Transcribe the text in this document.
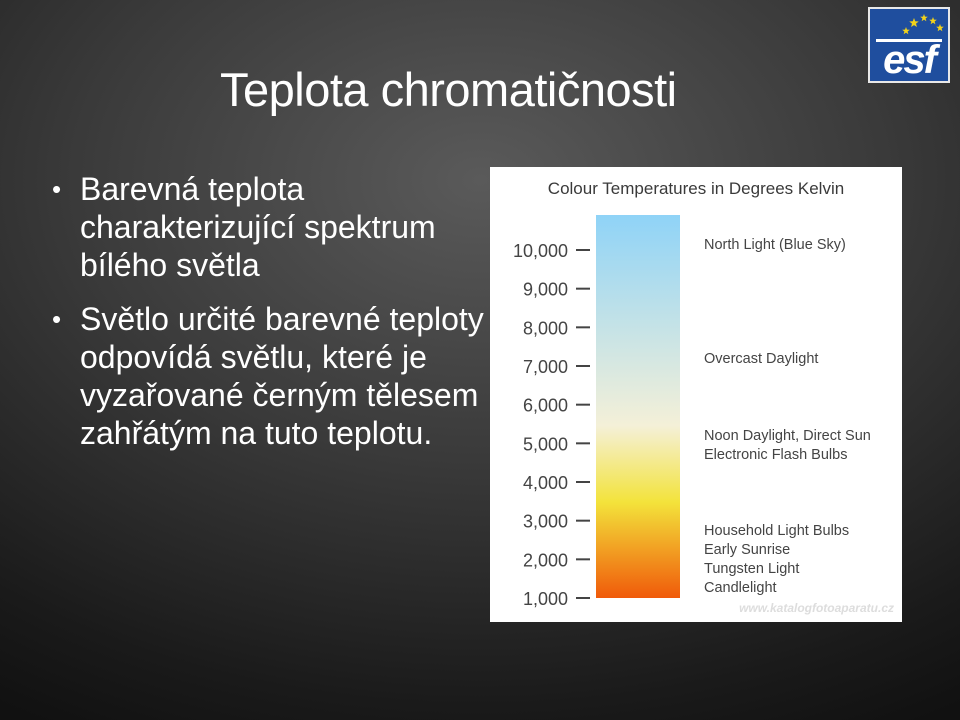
Teplota chromatičnosti
esf
• Barevná teplota charakterizující spektrum bílého světla
• Světlo určité barevné teploty odpovídá světlu, které je vyzařované černým tělesem zahřátým na tuto teplotu.
Colour Temperatures in Degrees Kelvin
10,000
9,000
8,000
7,000
6,000
5,000
4,000
3,000
2,000
1,000
North Light (Blue Sky)
Overcast Daylight
Noon Daylight, Direct Sun
Electronic Flash Bulbs
Household Light Bulbs
Early Sunrise
Tungsten Light
Candlelight
www.katalogfotoaparatu.cz
